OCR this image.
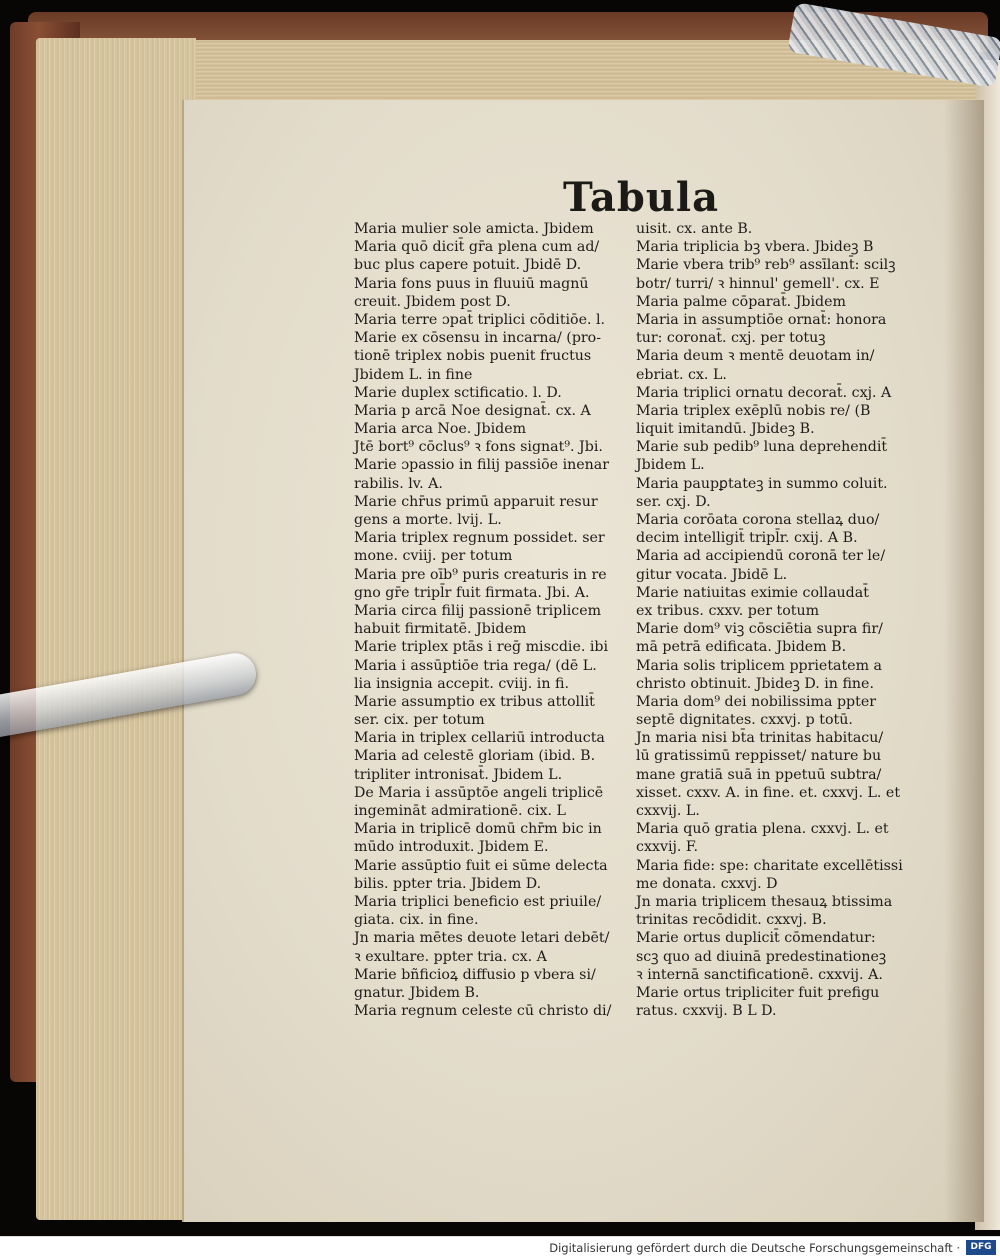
Tabula
Maria mulier sole amicta. Jbidem
Maria quō dicit̄ gr̄a plena cum ad/
buc plus capere potuit. Jbidē D.
Maria fons puus in fluuiū magnū
creuit. Jbidem post D.
Maria terre ɔpat̄ triplici cōditiōe. l.
Marie ex cōsensu in incarna/ (pro-
tionē triplex nobis puenit fructus
Jbidem L. in fine
Marie duplex sctificatio. l. D.
Maria p arcā Noe designat̄. cx. A
Maria arca Noe. Jbidem
Jtē bort⁹ cōclus⁹ ꝛ fons signat⁹. Jbi.
Marie ɔpassio in filij passiōe inenar
rabilis. lv. A.
Marie chr̄us primū apparuit resur
gens a morte. lvij. L.
Maria triplex regnum possidet. ser
mone. cviij. per totum
Maria pre oīb⁹ puris creaturis in re
gno gr̄e tripl̄r fuit firmata. Jbi. A.
Maria circa filij passionē triplicem
habuit firmitatē. Jbidem
Marie triplex ptās i reḡ miscdie. ibi
Maria i assūptiōe tria rega/ (dē L.
lia insignia accepit. cviij. in fi.
Marie assumptio ex tribus attollit̄
ser. cix. per totum
Maria in triplex cellariū introducta
Maria ad celestē gloriam (ibid. B.
tripliter intronisat̄. Jbidem L.
De Maria i assūptōe angeli triplicē
ingemināt admirationē. cix. L
Maria in triplicē domū chr̄m bic in
mūdo introduxit. Jbidem E.
Marie assūptio fuit ei sūme delecta
bilis. ppter tria. Jbidem D.
Maria triplici beneficio est priuile/
giata. cix. in fine.
Jn maria mētes deuote letari debēt/
ꝛ exultare. ppter tria. cx. A
Marie bñficioꝝ diffusio p vbera si/
gnatur. Jbidem B.
Maria regnum celeste cū christo di/
uisit. cx. ante B.
Maria triplicia bꝫ vbera. Jbideꝫ B
Marie vbera trib⁹ reb⁹ assīlant̄: scilꝫ
botr/ turri/ ꝛ hinnul' gemell'. cx. E
Maria palme cōparat̄. Jbidem
Maria in assumptiōe ornat̄: honora
tur: coronat̄. cxj. per totuꝫ
Maria deum ꝛ mentē deuotam in/
ebriat. cx. L.
Maria triplici ornatu decorat̄. cxj. A
Maria triplex exēplū nobis re/ (B
liquit imitandū. Jbideꝫ B.
Marie sub pedib⁹ luna deprehendit̄
Jbidem L.
Maria paupꝑtateꝫ in summo coluit.
ser. cxj. D.
Maria corōata corona stellaꝝ duo/
decim intelligit̄ tripl̄r. cxij. A B.
Maria ad accipiendū coronā ter le/
gitur vocata. Jbidē L.
Marie natiuitas eximie collaudat̄
ex tribus. cxxv. per totum
Marie dom⁹ viꝫ cōsciētia supra fir/
mā petrā edificata. Jbidem B.
Maria solis triplicem pprietatem a
christo obtinuit. Jbideꝫ D. in fine.
Maria dom⁹ dei nobilissima ppter
septē dignitates. cxxvj. p totū.
Jn maria nisi bt̄a trinitas habitacu/
lū gratissimū reppisset/ nature bu
mane gratiā suā in ppetuū subtra/
xisset. cxxv. A. in fine. et. cxxvj. L. et
cxxvij. L.
Maria quō gratia plena. cxxvj. L. et
cxxvij. F.
Maria fide: spe: charitate excellētissi
me donata. cxxvj. D
Jn maria triplicem thesauꝝ btissima
trinitas recōdidit. cxxvj. B.
Marie ortus duplicit̄ cōmendatur:
scꝫ quo ad diuinā predestinationeꝫ
ꝛ internā sanctificationē. cxxvij. A.
Marie ortus tripliciter fuit prefigu
ratus. cxxvij. B L D.
Digitalisierung gefördert durch die Deutsche Forschungsgemeinschaft ·	DFG
